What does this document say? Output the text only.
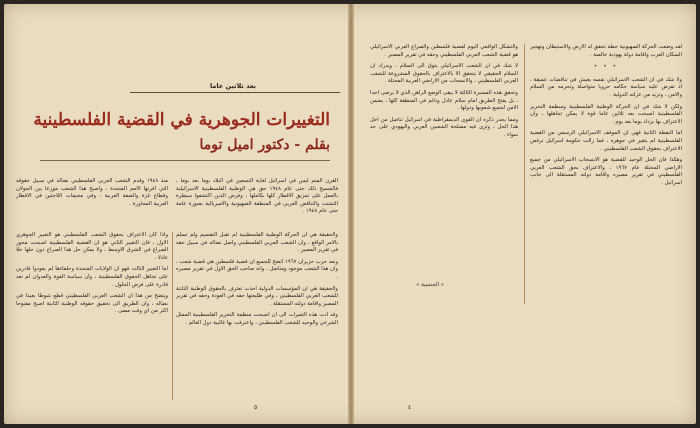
القرن المتم ليس في اسرائيل لغاية التسعين في البلاد يوما بعد يوما ، فالمسيح ذلك حتى عام ١٩٤٨ حق هي الوطنية الفلسطينية الاسرائيلية بالعمل على تمزيق الاقطار كلها بكاملها ، وفرض الذين اكتشفوا سيطرة التشتت والتناقض العربي في المنطقة الصهيونية والامبريالية بصورة عامة حتى عام ١٩٤٨ .

منذ ١٩٤٨ وقدم الشعب العربي الفلسطيني نضاله في سبيل حقوقه التي اقرتها الامم المتحدة ، واصبح هذا الشعب موزعا بين الجولان وقطاع غزة والضفة الغربية ، وفي مخيمات اللاجئين في الاقطار العربية المجاورة .

بعد ثلاثين عاما
التغييرات الجوهرية في القضية الفلسطينية
بقلم - دكتور اميل توما

والحقيقة هي ان الحركة الوطنية الفلسطينية لم تقبل التقسيم ولم تسلم بالامر الواقع ، وان الشعب العربي الفلسطيني واصل نضاله في سبيل حقه في تقرير المصير .

وبعد حرب حزيران ١٩٦٧ اتضح للجميع ان قضية فلسطين هي قضية شعب ، وان هذا الشعب موجود ومناضل ، وانه صاحب الحق الاول في تقرير مصيره .

والحقيقة هي ان المؤسسات الدولية اخذت تعترف بالحقوق الوطنية الثابتة للشعب العربي الفلسطيني ، وفي طليعتها حقه في العودة وحقه في تقرير المصير واقامة دولته المستقلة .

وقد ادت هذه التغيرات الى ان اصبحت منظمة التحرير الفلسطينية الممثل الشرعي والوحيد للشعب الفلسطيني ، واعترفت بها غالبية دول العالم .

واذا كان الاعتراف بحقوق الشعب الفلسطيني هو التغيير الجوهري الاول ، فان التغيير الثاني هو ان القضية الفلسطينية اصبحت محور الصراع في الشرق الاوسط ، ولا يمكن حل هذا الصراع دون حلها حلا عادلا .

اما التغيير الثالث فهو ان الولايات المتحدة وحلفاءها لم يعودوا قادرين على تجاهل الحقوق الفلسطينية ، وان سياسة القوة والعدوان لم تعد قادرة على فرض الحلول .

ويتضح من هذا ان الشعب العربي الفلسطيني قطع شوطا بعيدا في نضاله ، وان الطريق الى تحقيق حقوقه الوطنية الثابتة اصبح مفتوحا اكثر من اي وقت مضى .

٥

لقد وضعت الحركة الصهيونية خطة تحقق له الارض والاستيطان وتهجير السكان العرب واقامة دولة يهودية خالصة .

• • •

ولا شك في ان الشعب الاسرائيلي نفسه يعيش في تناقضات عميقة ، اذ تفرض عليه سياسة حكامه حروبا متواصلة وتحرمه من السلام والامن ، وتزيد من عزلته الدولية .

ولكن لا شك في ان الحركة الوطنية الفلسطينية ومنظمة التحرير الفلسطينية اصبحت بعد ثلاثين عاما قوة لا يمكن تجاهلها ، وان الاعتراف بها يزداد يوما بعد يوم .

اما النقطة الثانية فهي ان الموقف الاسرائيلي الرسمي من القضية الفلسطينية لم يتغير في جوهره ، فما زالت حكومة اسرائيل ترفض الاعتراف بحقوق الشعب الفلسطيني .

وهكذا فان الحل الوحيد للقضية هو الانسحاب الاسرائيلي من جميع الاراضي المحتلة عام ١٩٦٧ ، والاعتراف بحق الشعب العربي الفلسطيني في تقرير مصيره واقامة دولته المستقلة الى جانب اسرائيل .

والتشكل الواقعي اليوم لقضية فلسطين والصراع العربي الاسرائيلي هو قضية الشعب العربي الفلسطيني وحقه في تقرير المصير .

لا شك في ان الشعب الاسرائيلي يتوق الى السلام ، ويدرك ان السلام الحقيقي لا يتحقق الا بالاعتراف بالحقوق المشروعة للشعب العربي الفلسطيني ، والانسحاب من الاراضي العربية المحتلة .

وتحقق هذه المسيرة الثالثة لا يبقى الوضع الراهن الذي لا يرضى احدا ، بل يفتح الطريق امام سلام عادل ودائم في المنطقة كلها ، يضمن الامن لجميع شعوبها ودولها .

ومما يجدر ذكره ان القوى الديمقراطية في اسرائيل تناضل من اجل هذا الحل ، وترى فيه مصلحة الشعبين العربي واليهودي على حد سواء .

« الجنسية »
٤
